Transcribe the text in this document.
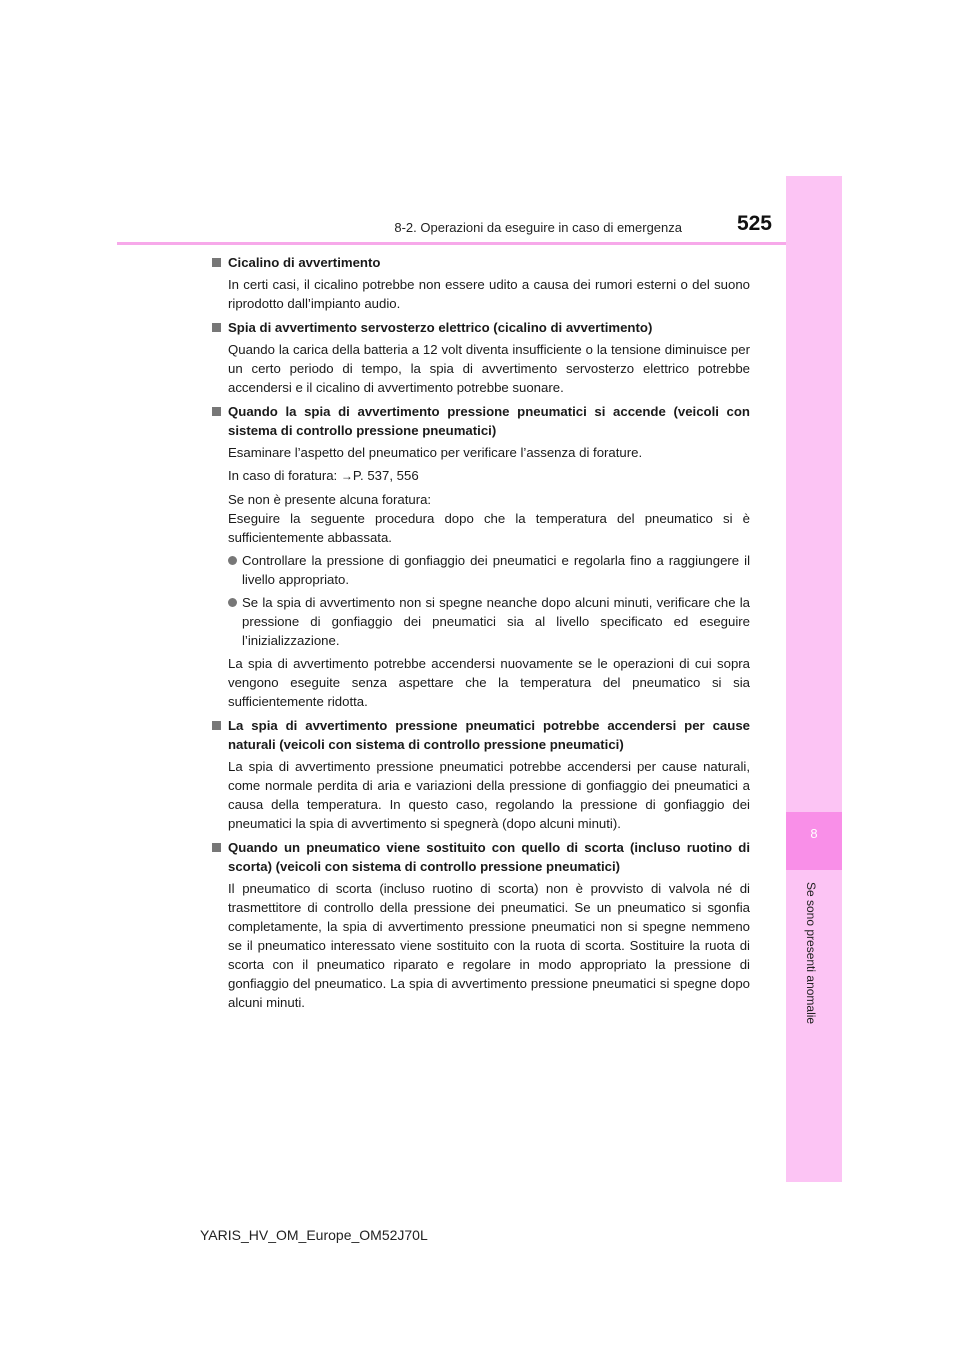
8
Se sono presenti anomalie
8-2. Operazioni da eseguire in caso di emergenza	525
Cicalino di avvertimento
In certi casi, il cicalino potrebbe non essere udito a causa dei rumori esterni o del suono riprodotto dall’impianto audio.
Spia di avvertimento servosterzo elettrico (cicalino di avvertimento)
Quando la carica della batteria a 12 volt diventa insufficiente o la tensione diminuisce per un certo periodo di tempo, la spia di avvertimento servosterzo elettrico potrebbe accendersi e il cicalino di avvertimento potrebbe suonare.
Quando la spia di avvertimento pressione pneumatici si accende (veicoli con sistema di controllo pressione pneumatici)
Esaminare l’aspetto del pneumatico per verificare l’assenza di forature.
In caso di foratura: →P. 537, 556
Se non è presente alcuna foratura:
Eseguire la seguente procedura dopo che la temperatura del pneumatico si è sufficientemente abbassata.
Controllare la pressione di gonfiaggio dei pneumatici e regolarla fino a raggiungere il livello appropriato.
Se la spia di avvertimento non si spegne neanche dopo alcuni minuti, verificare che la pressione di gonfiaggio dei pneumatici sia al livello specificato ed eseguire l’inizializzazione.
La spia di avvertimento potrebbe accendersi nuovamente se le operazioni di cui sopra vengono eseguite senza aspettare che la temperatura del pneumatico si sia sufficientemente ridotta.
La spia di avvertimento pressione pneumatici potrebbe accendersi per cause naturali (veicoli con sistema di controllo pressione pneumatici)
La spia di avvertimento pressione pneumatici potrebbe accendersi per cause naturali, come normale perdita di aria e variazioni della pressione di gonfiaggio dei pneumatici a causa della temperatura. In questo caso, regolando la pressione di gonfiaggio dei pneumatici la spia di avvertimento si spegnerà (dopo alcuni minuti).
Quando un pneumatico viene sostituito con quello di scorta (incluso ruotino di scorta) (veicoli con sistema di controllo pressione pneumatici)
Il pneumatico di scorta (incluso ruotino di scorta) non è provvisto di valvola né di trasmettitore di controllo della pressione dei pneumatici. Se un pneumatico si sgonfia completamente, la spia di avvertimento pressione pneumatici non si spegne nemmeno se il pneumatico interessato viene sostituito con la ruota di scorta. Sostituire la ruota di scorta con il pneumatico riparato e regolare in modo appropriato la pressione di gonfiaggio del pneumatico. La spia di avvertimento pressione pneumatici si spegne dopo alcuni minuti.
YARIS_HV_OM_Europe_OM52J70L
